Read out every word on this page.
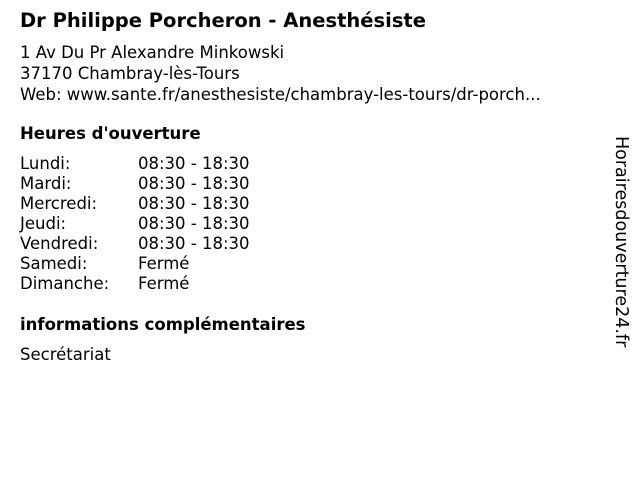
Dr Philippe Porcheron - Anesthésiste
1 Av Du Pr Alexandre Minkowski
37170 Chambray-lès-Tours
Web: www.sante.fr/anesthesiste/chambray-les-tours/dr-porch...
Heures d'ouverture
Lundi:	08:30 - 18:30
Mardi:	08:30 - 18:30
Mercredi:	08:30 - 18:30
Jeudi:	08:30 - 18:30
Vendredi:	08:30 - 18:30
Samedi:	Fermé
Dimanche:	Fermé
informations complémentaires
Secrétariat
Horairesdouverture24.fr
